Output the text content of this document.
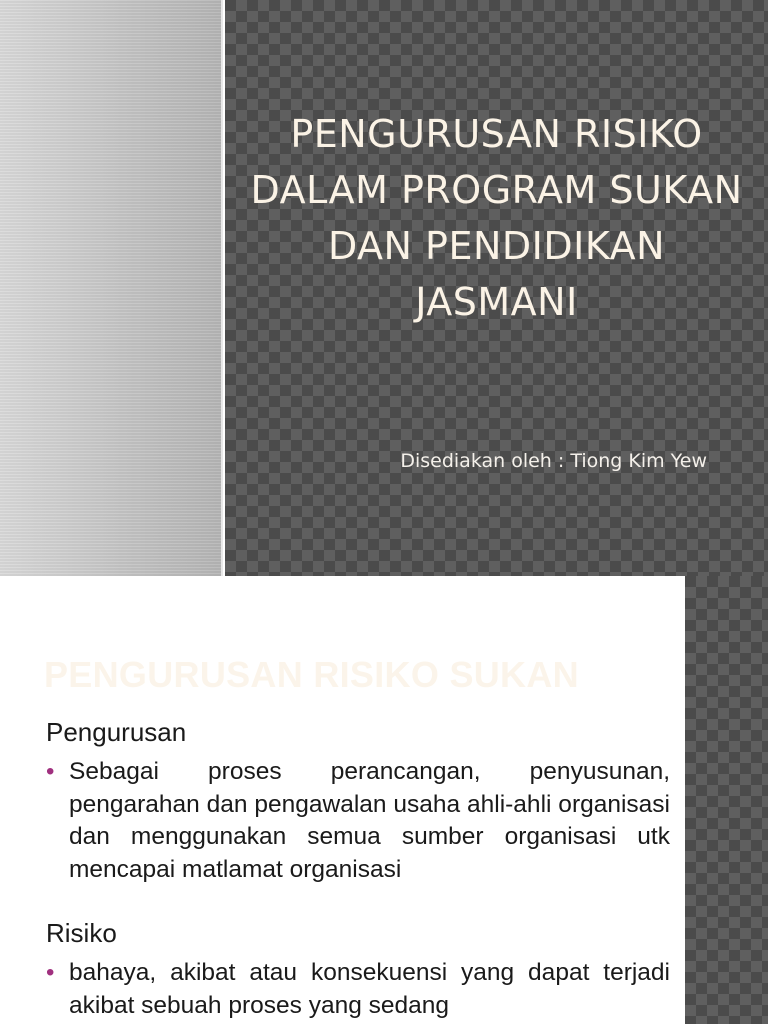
PENGURUSAN RISIKO
DALAM PROGRAM SUKAN
DAN PENDIDIKAN
JASMANI
Disediakan oleh : Tiong Kim Yew
PENGURUSAN RISIKO SUKAN

Pengurusan

• Sebagai proses perancangan, penyusunan, pengarahan dan pengawalan usaha ahli-ahli organisasi dan menggunakan semua sumber organisasi utk mencapai matlamat organisasi

Risiko

• bahaya, akibat atau konsekuensi yang dapat terjadi akibat sebuah proses yang sedang
